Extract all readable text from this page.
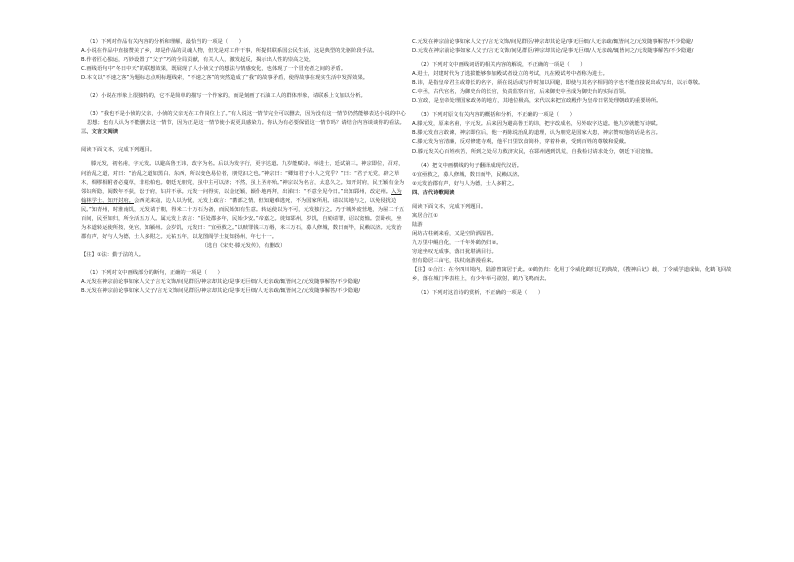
（1）下列对作品有关内容的分析和理解，最恰当的一项是（　　）

A.小说在作品中直接赞美了乡，却是作品的灵魂人物，但先是对工作干事，所提供联系国公民生活，这是典型的先驱阶段手法。

B.作者匠心独运，巧妙设置了“父子”巧的全局贡献，有关人人，激发起反，揭示出人性的崇高之处，

C.画线语句中“冬日中天”的联想效果，既展现了人小侦父子的想法与情感变化，也体现了一个冒充者之间的矛盾。

D.本文以“不速之客”为题标志点明标题线索，“不速之客”的突然造成了“我”的故事矛盾，使得故事在现实生活中发挥效果。

（2）小说在形象上很独特的，它不是简单的描写一个作家的，而是刻画了石油工人的群体形象，请联系上文加以分析。

（3）“我也不是小侦的父亲，小侦的父亲无在工作岗位上了。”有人说这一情节完全可以删去，因为没有这一情节仍然能够表达小说的中心思想；也有人认为不能删去这一情节，因为正是这一情节使小说更具感染力。你认为有必要保留这一情节吗？请结合内容谈谈你的看法。

三、文言文阅读

阅读下面文本，完成下列题目。

滕元发，初名甫，字元发。以避高鲁王讳，改字为名。后以为发字行，更字达道。九岁能赋诗。举进士，廷试第三。神宗即位，召对，问治乱之道，对曰：“治乱之道如黑白、东西，所以变色易位者，朋党汩之也。”神宗曰：“卿知君子小人之党乎？”曰：“君子无党，辟之草木，绸缪相附者必蔓草，非松柏也。朝廷无朋党，虽中主可以济；不然，虽上圣亦殆。”神宗以为名言，太息久之。知开封府，民王颖有金为邻妇所隐，阅数年不获，讼于府，妇并不承。元发一问得实，以金还颖，颖仆地再拜，出涕曰：“不意全见今日。”出知郓州，改定州。入为翰林学士、知开封府。会西羌来寇，边人以为忧，元发上疏言：“蕃部之情，但知避难逃死，不为国家所用。请以其地与之，以免侵扰边民。”知青州，时淮南饥，元发请于朝，得米二十万石为备，而民始知有生意。转运使以为不可，元发独行之。乃于城外废营地，为屋二千五百间，民至如归，所全活五万人。属元发上表言：“臣处郡多年，民始少安。”帝嘉之。徙知郓州，岁饥，自劾请罪，诏以宽恤。尝卧疾，坐为本道转运使所按，免官，知颍州。会岁饥，元发曰：“宜亟救之。”以赎罪钱三万缗，米三万石，募人修城，数日而毕，民赖以济。元发治郡有声，好与人为德，士人多附之。元祐五年，以龙图阁学士复知扬州，年七十一。

（选自《宋史·滕元发传》，有删改）

【注】①法：勤于法的人。

（1）下列对文中画线部分的断句，正确的一项是（　　）

A.元发在神宗前论事如家人父子言无文饰/间见群臣/神宗却其论/是事无巨细/人无亲疏/辄皆问之/元发随事解答/不少隐避/

B.元发在神宗前论事如家人父子/言无文饰间见群臣/神宗却其论/是事无巨细/人无亲疏/辄皆问之/元发随事解答/不少隐避/

C.元发在神宗前论事如家人父子/言无文饰/间见群臣/神宗却其论是/事无巨细/人无亲疏/辄皆问之/元发随事解答/不少隐避/

D.元发在神宗前论事如家人父子/言无文饰/间见群臣/神宗却其论/是事无巨细/人无亲疏/辄皆问之/元发随事解答/不少隐避/

（2）下列对文中画线词语的相关内容的解说，不正确的一项是（　　）

A.进士，封建时代为了选拔能够参加殿试者设立的考试，凡在殿试考中者称为进士。

B.讳，是指皇帝君主或尊长的名字，须在说话或写作时加以回避，即使与其名字相同的字也不能直接说出或写出，以示尊敬。

C.中丞，古代官名，为御史台的长官，负责监察百官，后来御史中丞成为御史台的实际首领。

D.宣政，是皇帝处理国家政务的地方，其地位极高，宋代以来把宣政殿作为皇帝日常处理朝政的重要场所。

（3）下列对原文有关内容的概括和分析，不正确的一项是（　　）

A.滕元发，原来名甫，字元发。后来因为避高鲁王的讳，把字改成名，另外取字达道。他九岁就能写诗赋。

B.滕元发直言敢谏，神宗即位后，他一再陈说治乱的道理，认为朋党是国家大患，神宗赞叹他的话是名言。

C.滕元发为官清廉，反对修建寺观，他平日里饮食简朴，穿着朴素，受到百姓的尊敬和爱戴。

D.滕元发关心百姓疾苦，所到之处尽力救济灾民，在郓州遇到饥荒，自我检讨请求处分，朝廷下诏宽恤。

（4）把文中画横线的句子翻译成现代汉语。

①宜亟救之，募人修城，数日而毕，民赖以济。

②元发治郡有声，好与人为德，士人多附之。

四、古代诗歌阅读

阅读下面文本，完成下列题目。

寓居合江①

陆游

闲坊古柱刺来看，又是空阶酒湿苔。

九万里中鲲自化，一千年外鹤仍归②。

穷途坐叹无成事，落日犹堪满目行。

但有隐居三亩宅，扶杖南游漫看来。

【注】①合江：在今四川境内，陆游曾寓居于此。②鹤仍归：化用丁令威化鹤归辽的典故，《搜神后记》载，丁令威学道成仙，化鹤飞回故乡，落在城门华表柱上，有少年举弓欲射，鹤乃飞鸣而去。

（1）下列对这首诗的赏析，不正确的一项是（　　）
